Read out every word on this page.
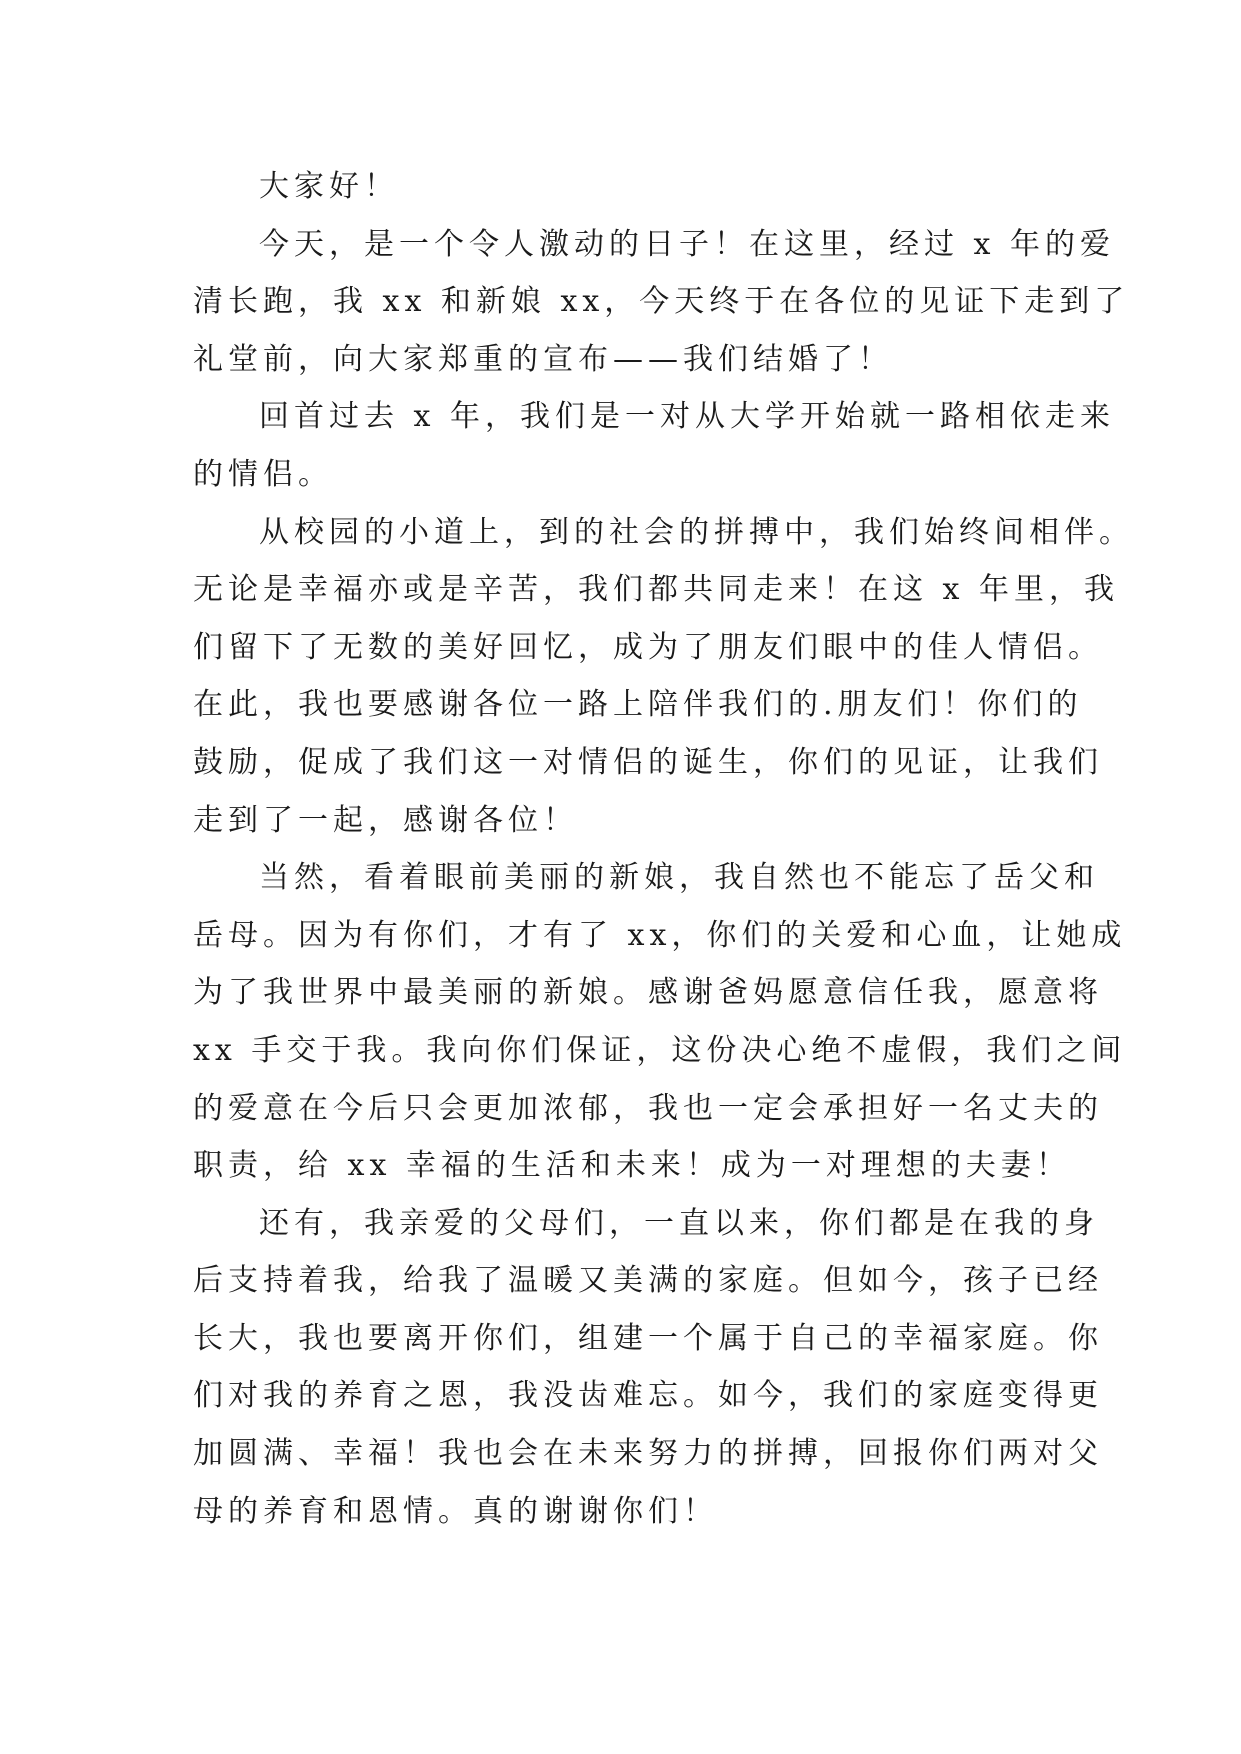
大家好！
今天，是一个令人激动的日子！在这里，经过 x 年的爱
清长跑，我 xx 和新娘 xx，今天终于在各位的见证下走到了
礼堂前，向大家郑重的宣布——我们结婚了！
回首过去 x 年，我们是一对从大学开始就一路相依走来
的情侣。
从校园的小道上，到的社会的拼搏中，我们始终间相伴。
无论是幸福亦或是辛苦，我们都共同走来！在这 x 年里，我
们留下了无数的美好回忆，成为了朋友们眼中的佳人情侣。
在此，我也要感谢各位一路上陪伴我们的.朋友们！你们的
鼓励，促成了我们这一对情侣的诞生，你们的见证，让我们
走到了一起，感谢各位！
当然，看着眼前美丽的新娘，我自然也不能忘了岳父和
岳母。因为有你们，才有了 xx，你们的关爱和心血，让她成
为了我世界中最美丽的新娘。感谢爸妈愿意信任我，愿意将
xx 手交于我。我向你们保证，这份决心绝不虚假，我们之间
的爱意在今后只会更加浓郁，我也一定会承担好一名丈夫的
职责，给 xx 幸福的生活和未来！成为一对理想的夫妻！
还有，我亲爱的父母们，一直以来，你们都是在我的身
后支持着我，给我了温暖又美满的家庭。但如今，孩子已经
长大，我也要离开你们，组建一个属于自己的幸福家庭。你
们对我的养育之恩，我没齿难忘。如今，我们的家庭变得更
加圆满、幸福！我也会在未来努力的拼搏，回报你们两对父
母的养育和恩情。真的谢谢你们！
